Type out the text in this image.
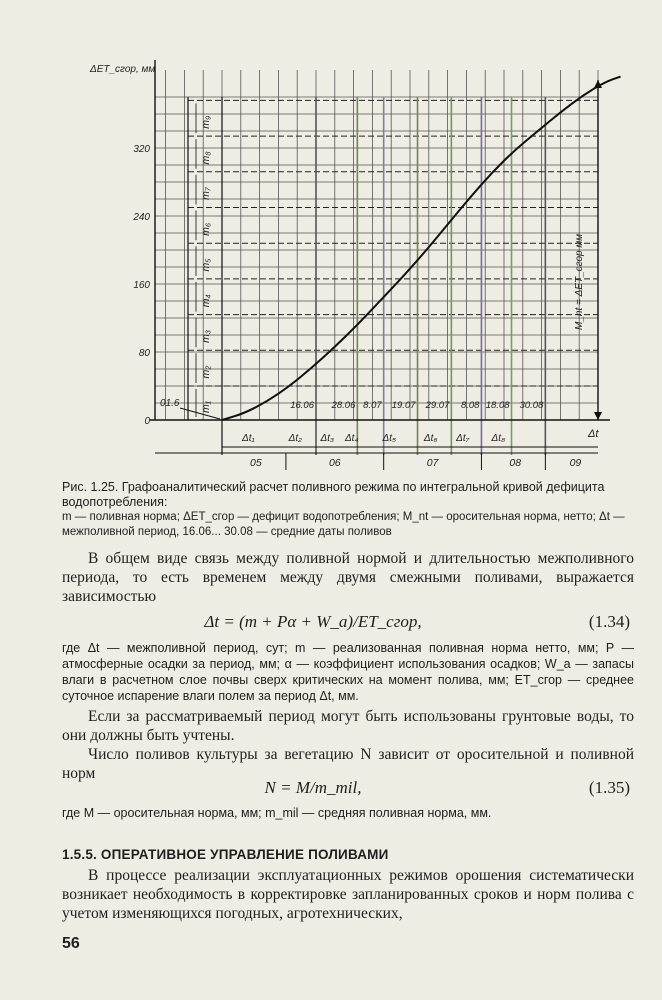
0
80
160
240
320
ΔET_сгор, мм
Δt
M_nt = ΔET_сгор мм
01.6	16.06 28.06 8.07 19.07 29.07 8.08 18.08 30.08
Δt₁	Δt₂ Δt₃ Δt₄ Δt₅	Δt₆ Δt₇ Δt₈
05	06	07	08	09
m₁
m₂
m₃
m₄
m₅
m₆
m₇
m₈
m₉
Рис. 1.25. Графоаналитический расчет поливного режима по интегральной кривой дефицита водопотребления:
m — поливная норма; ΔET_сгор — дефицит водопотребления; M_nt — оросительная норма, нетто; Δt — межполивной период, 16.06... 30.08 — средние даты поливов
В общем виде связь между поливной нормой и длительностью межполивного периода, то есть временем между двумя смежными поливами, выражается зависимостью
Δt = (m + Pα + W_a)/ET_сгор,	(1.34)
где Δt — межполивной период, сут; m — реализованная поливная норма нетто, мм; P — атмосферные осадки за период, мм; α — коэффициент использования осадков; W_a — запасы влаги в расчетном слое почвы сверх критических на момент полива, мм; ET_сгор — среднее суточное испарение влаги полем за период Δt, мм.
Если за рассматриваемый период могут быть использованы грунтовые воды, то они должны быть учтены.
Число поливов культуры за вегетацию N зависит от оросительной и поливной норм
N = M/m_mil,	(1.35)
где M — оросительная норма, мм; m_mil — средняя поливная норма, мм.
1.5.5. ОПЕРАТИВНОЕ УПРАВЛЕНИЕ ПОЛИВАМИ
В процессе реализации эксплуатационных режимов орошения систематически возникает необходимость в корректировке запланированных сроков и норм полива с учетом изменяющихся погодных, агротехнических,
56
